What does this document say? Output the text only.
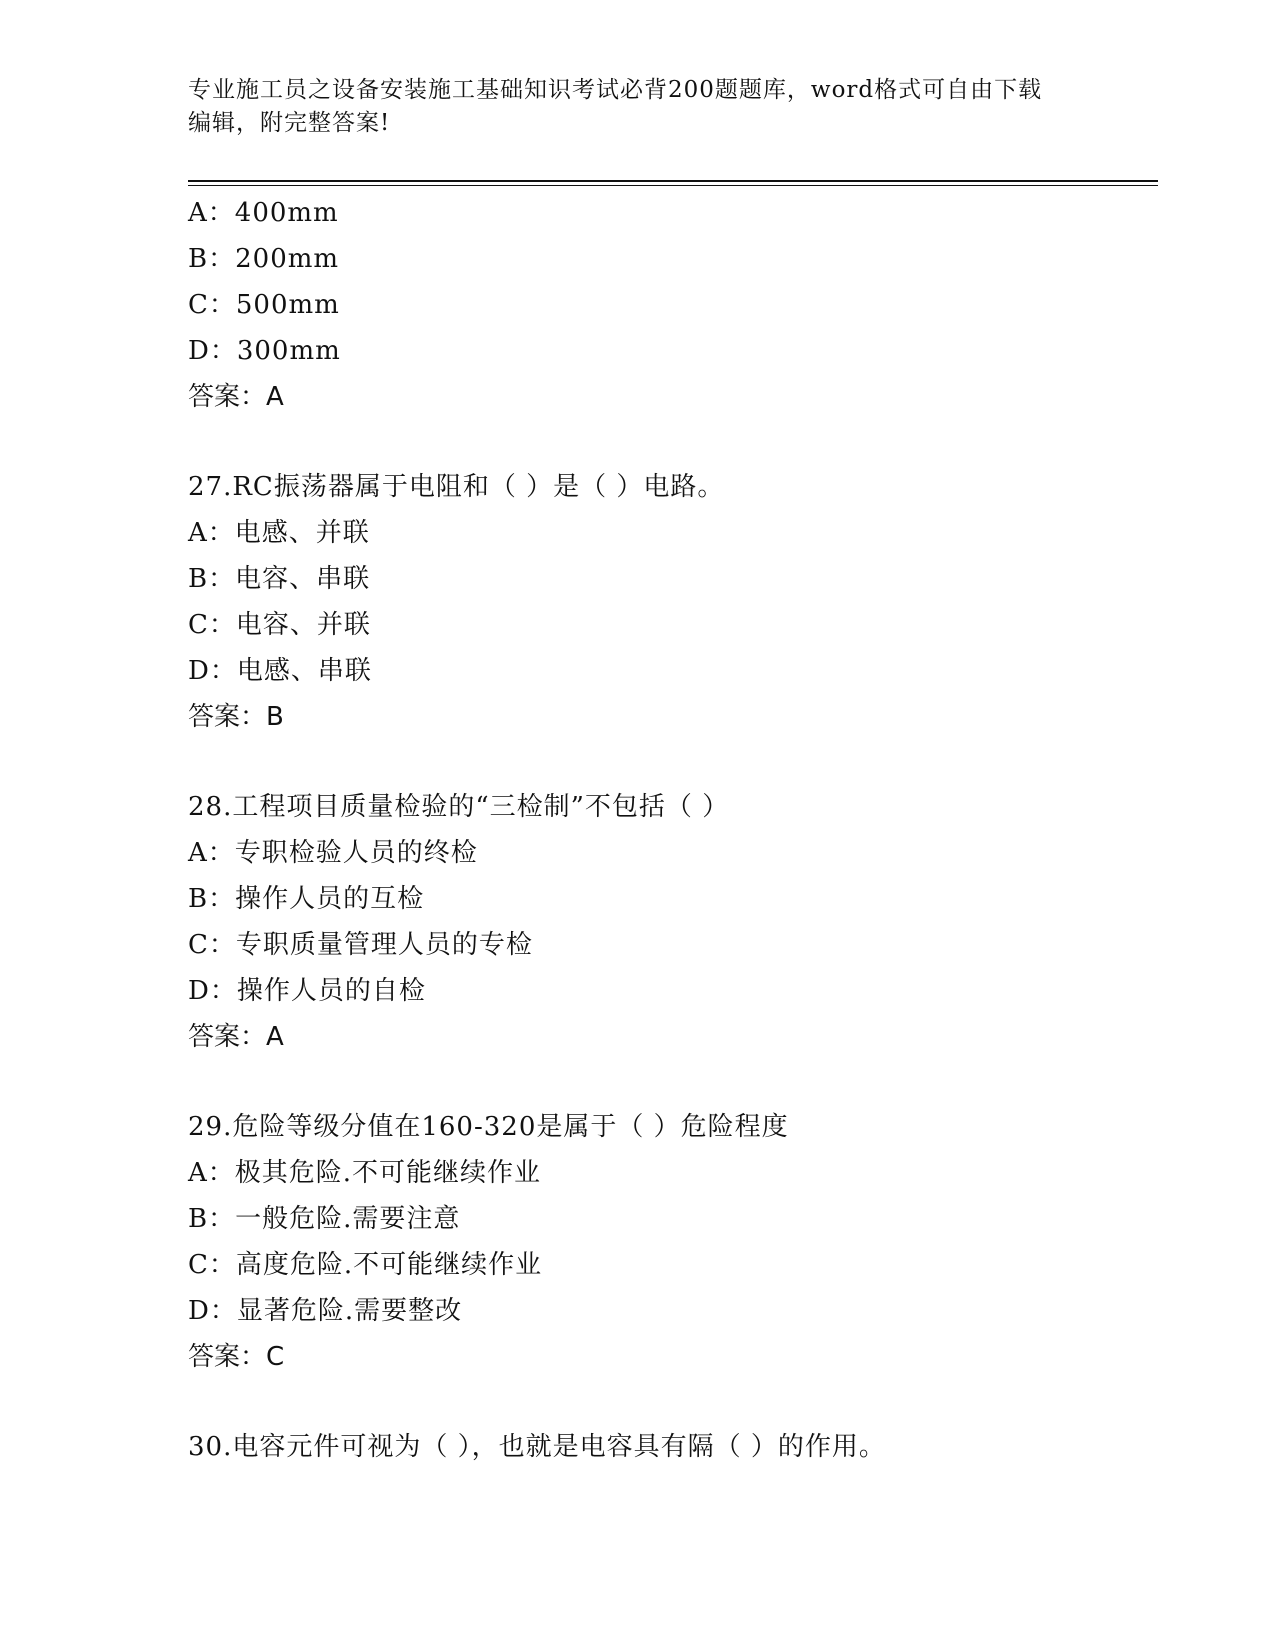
专业施工员之设备安装施工基础知识考试必背200题题库，word格式可自由下载
编辑，附完整答案!
A：400mm
B：200mm
C：500mm
D：300mm
答案：A
27.RC振荡器属于电阻和（ ）是（ ）电路。
A：电感、并联
B：电容、串联
C：电容、并联
D：电感、串联
答案：B
28.工程项目质量检验的“三检制”不包括（ ）
A：专职检验人员的终检
B：操作人员的互检
C：专职质量管理人员的专检
D：操作人员的自检
答案：A
29.危险等级分值在160-320是属于（ ）危险程度
A：极其危险.不可能继续作业
B：一般危险.需要注意
C：高度危险.不可能继续作业
D：显著危险.需要整改
答案：C
30.电容元件可视为（ ），也就是电容具有隔（ ）的作用。
